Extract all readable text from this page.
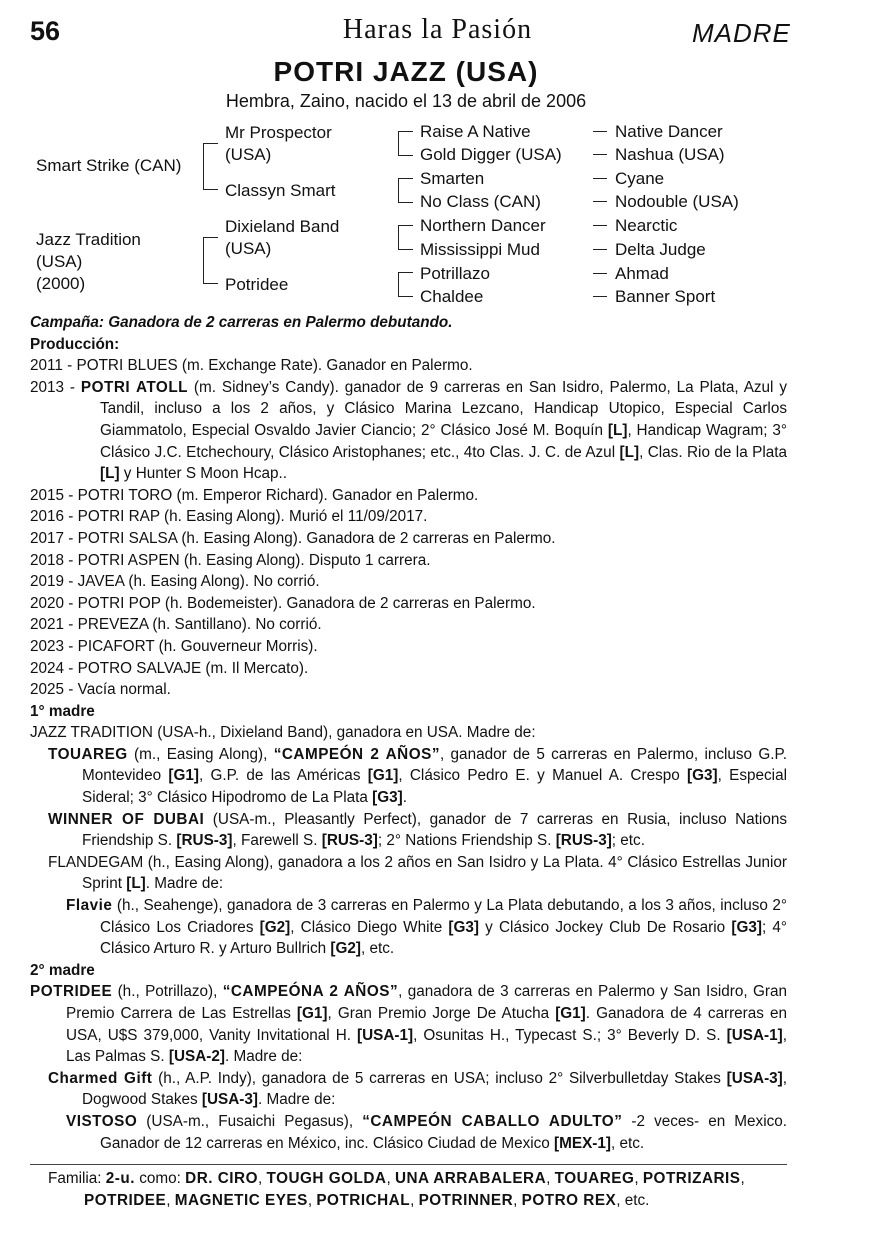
56	Haras la Pasión	MADRE
POTRI JAZZ (USA)
Hembra, Zaino, nacido el 13 de abril de 2006
Smart Strike (CAN)
Jazz Tradition
(USA)
(2000)
Mr Prospector
(USA)
Classyn Smart
Dixieland Band
(USA)
Potridee
Raise A Native
Gold Digger (USA)
Smarten
No Class (CAN)
Northern Dancer
Mississippi Mud
Potrillazo
Chaldee
Native Dancer
Nashua (USA)
Cyane
Nodouble (USA)
Nearctic
Delta Judge
Ahmad
Banner Sport

Campaña: Ganadora de 2 carreras en Palermo debutando.

Producción:

2011 - POTRI BLUES (m. Exchange Rate). Ganador en Palermo.

2013 - POTRI ATOLL (m. Sidney’s Candy). ganador de 9 carreras en San Isidro, Palermo, La Plata, Azul y Tandil, incluso a los 2 años, y Clásico Marina Lezcano, Handicap Utopico, Especial Carlos Giammatolo, Especial Osvaldo Javier Ciancio; 2° Clásico José M. Boquín [L], Handicap Wagram; 3° Clásico J.C. Etchechoury, Clásico Aristophanes; etc., 4to Clas. J. C. de Azul [L], Clas. Rio de la Plata [L] y Hunter S Moon Hcap..

2015 - POTRI TORO (m. Emperor Richard). Ganador en Palermo.

2016 - POTRI RAP (h. Easing Along). Murió el 11/09/2017.

2017 - POTRI SALSA (h. Easing Along). Ganadora de 2 carreras en Palermo.

2018 - POTRI ASPEN (h. Easing Along). Disputo 1 carrera.

2019 - JAVEA (h. Easing Along). No corrió.

2020 - POTRI POP (h. Bodemeister). Ganadora de 2 carreras en Palermo.

2021 - PREVEZA (h. Santillano). No corrió.

2023 - PICAFORT (h. Gouverneur Morris).

2024 - POTRO SALVAJE (m. Il Mercato).

2025 - Vacía normal.

1° madre

JAZZ TRADITION (USA-h., Dixieland Band), ganadora en USA. Madre de:

TOUAREG (m., Easing Along), “CAMPEÓN 2 AÑOS”, ganador de 5 carreras en Palermo, incluso G.P. Montevideo [G1], G.P. de las Américas [G1], Clásico Pedro E. y Manuel A. Crespo [G3], Especial Sideral; 3° Clásico Hipodromo de La Plata [G3].

WINNER OF DUBAI (USA-m., Pleasantly Perfect), ganador de 7 carreras en Rusia, incluso Nations Friendship S. [RUS-3], Farewell S. [RUS-3]; 2° Nations Friendship S. [RUS-3]; etc.

FLANDEGAM (h., Easing Along), ganadora a los 2 años en San Isidro y La Plata. 4° Clásico Estrellas Junior Sprint [L]. Madre de:

Flavie (h., Seahenge), ganadora de 3 carreras en Palermo y La Plata debutando, a los 3 años, incluso 2° Clásico Los Criadores [G2], Clásico Diego White [G3] y Clásico Jockey Club De Rosario [G3]; 4° Clásico Arturo R. y Arturo Bullrich [G2], etc.

2° madre

POTRIDEE (h., Potrillazo), “CAMPEÓNA 2 AÑOS”, ganadora de 3 carreras en Palermo y San Isidro, Gran Premio Carrera de Las Estrellas [G1], Gran Premio Jorge De Atucha [G1]. Ganadora de 4 carreras en USA, U$S 379,000, Vanity Invitational H. [USA-1], Osunitas H., Typecast S.; 3° Beverly D. S. [USA-1], Las Palmas S. [USA-2]. Madre de:

Charmed Gift (h., A.P. Indy), ganadora de 5 carreras en USA; incluso 2° Silverbulletday Stakes [USA-3], Dogwood Stakes [USA-3]. Madre de:

VISTOSO (USA-m., Fusaichi Pegasus), “CAMPEÓN CABALLO ADULTO” -2 veces- en Mexico. Ganador de 12 carreras en México, inc. Clásico Ciudad de Mexico [MEX-1], etc.

Familia: 2-u. como: DR. CIRO, TOUGH GOLDA, UNA ARRABALERA, TOUAREG, POTRIZARIS, POTRIDEE, MAGNETIC EYES, POTRICHAL, POTRINNER, POTRO REX, etc.
